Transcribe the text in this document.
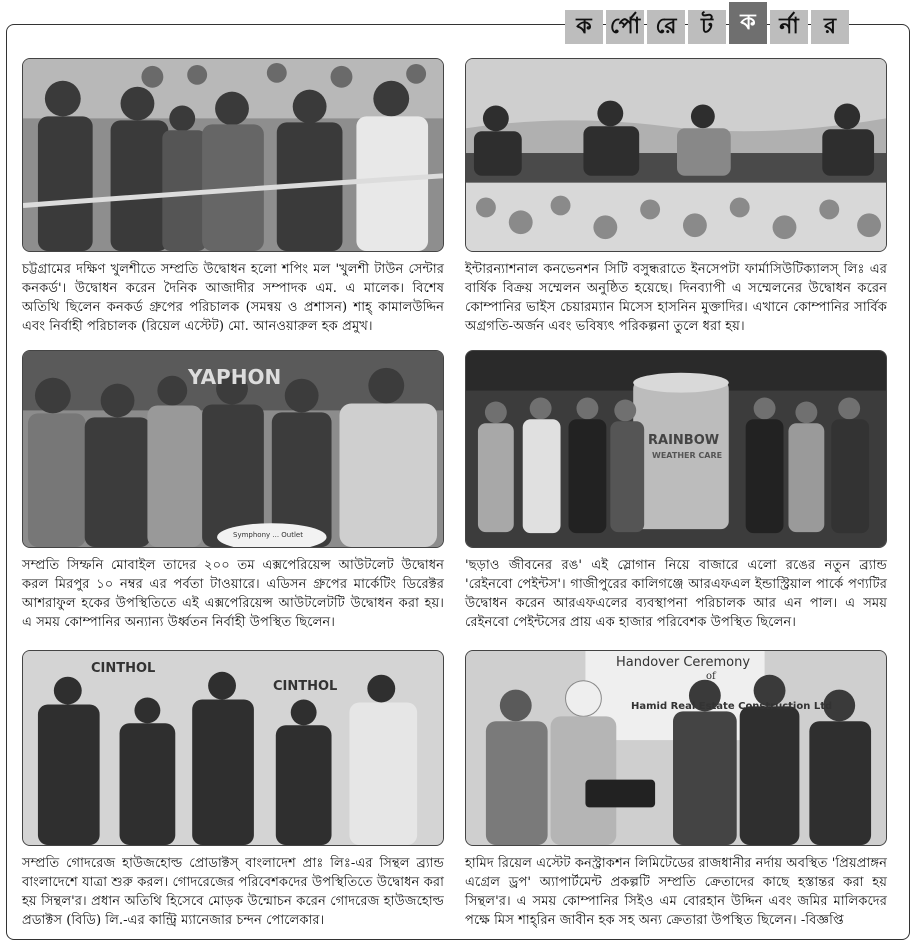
ক র্পো রে	ট	ক	র্না	র
চট্টগ্রামের দক্ষিণ খুলশীতে সম্প্রতি উদ্বোধন হলো শপিং মল 'খুলশী টাউন সেন্টার কনকর্ড'। উদ্বোধন করেন দৈনিক আজাদীর সম্পাদক এম. এ মালেক। বিশেষ অতিথি ছিলেন কনকর্ড গ্রুপের পরিচালক (সমন্বয় ও প্রশাসন) শাহ্ কামালউদ্দিন এবং নির্বাহী পরিচালক (রিয়েল এস্টেট) মো. আনওয়ারুল হক প্রমুখ।
ইন্টারন্যাশনাল কনভেনশন সিটি বসুন্ধরাতে ইনসেপটা ফার্মাসিউটিক্যালস্ লিঃ এর বার্ষিক বিক্রয় সম্মেলন অনুষ্ঠিত হয়েছে। দিনব্যাপী এ সম্মেলনের উদ্বোধন করেন কোম্পানির ভাইস চেয়ারম্যান মিসেস হাসনিন মুক্তাদির। এখানে কোম্পানির সার্বিক অগ্রগতি-অর্জন এবং ভবিষ্যৎ পরিকল্পনা তুলে ধরা হয়।
YAPHON
Symphony ... Outlet
সম্প্রতি সিম্ফনি মোবাইল তাদের ২০০ তম এক্সপেরিয়েন্স আউটলেট উদ্বোধন করল মিরপুর ১০ নম্বর এর পর্বতা টাওয়ারে। এডিসন গ্রুপের মার্কেটিং ডিরেক্টর আশরাফুল হকের উপস্থিতিতে এই এক্সপেরিয়েন্স আউটলেটটি উদ্বোধন করা হয়। এ সময় কোম্পানির অন্যান্য উর্ধ্বতন নির্বাহী উপস্থিত ছিলেন।
RAINBOW
WEATHER CARE
'ছড়াও জীবনের রঙ' এই স্লোগান নিয়ে বাজারে এলো রঙের নতুন ব্র্যান্ড 'রেইনবো পেইন্টস'। গাজীপুরের কালিগঞ্জে আরএফএল ইন্ডাস্ট্রিয়াল পার্কে পণ্যটির উদ্বোধন করেন আরএফএলের ব্যবস্থাপনা পরিচালক আর এন পাল। এ সময় রেইনবো পেইন্টসের প্রায় এক হাজার পরিবেশক উপস্থিত ছিলেন।
CINTHOL
CINTHOL
সম্প্রতি গোদরেজ হাউজহোল্ড প্রোডাক্টস্ বাংলাদেশ প্রাঃ লিঃ-এর সিন্থল ব্র্যান্ড বাংলাদেশে যাত্রা শুরু করল। গোদরেজের পরিবেশকদের উপস্থিতিতে উদ্বোধন করা হয় সিন্থল'র। প্রধান অতিথি হিসেবে মোড়ক উন্মোচন করেন গোদরেজ হাউজহোল্ড প্রডাক্টস (বিডি) লি.-এর কান্ট্রি ম্যানেজার চন্দন পোলেকার।
Handover Ceremony
of
Hamid Real Estate Construction Ltd
হামিদ রিয়েল এস্টেট কনস্ট্রাকশন লিমিটেডের রাজধানীর নর্দায় অবস্থিত 'প্রিয়প্রাঙ্গন এগ্রেল ড্রপ' অ্যাপার্টমেন্ট প্রকল্পটি সম্প্রতি ক্রেতাদের কাছে হস্তান্তর করা হয় সিন্থল'র। এ সময় কোম্পানির সিইও এম বোরহান উদ্দিন এবং জমির মালিকদের পক্ষে মিস শাহ্‌রিন জাবীন হক সহ অন্য ক্রেতারা উপস্থিত ছিলেন। -বিজ্ঞপ্তি
